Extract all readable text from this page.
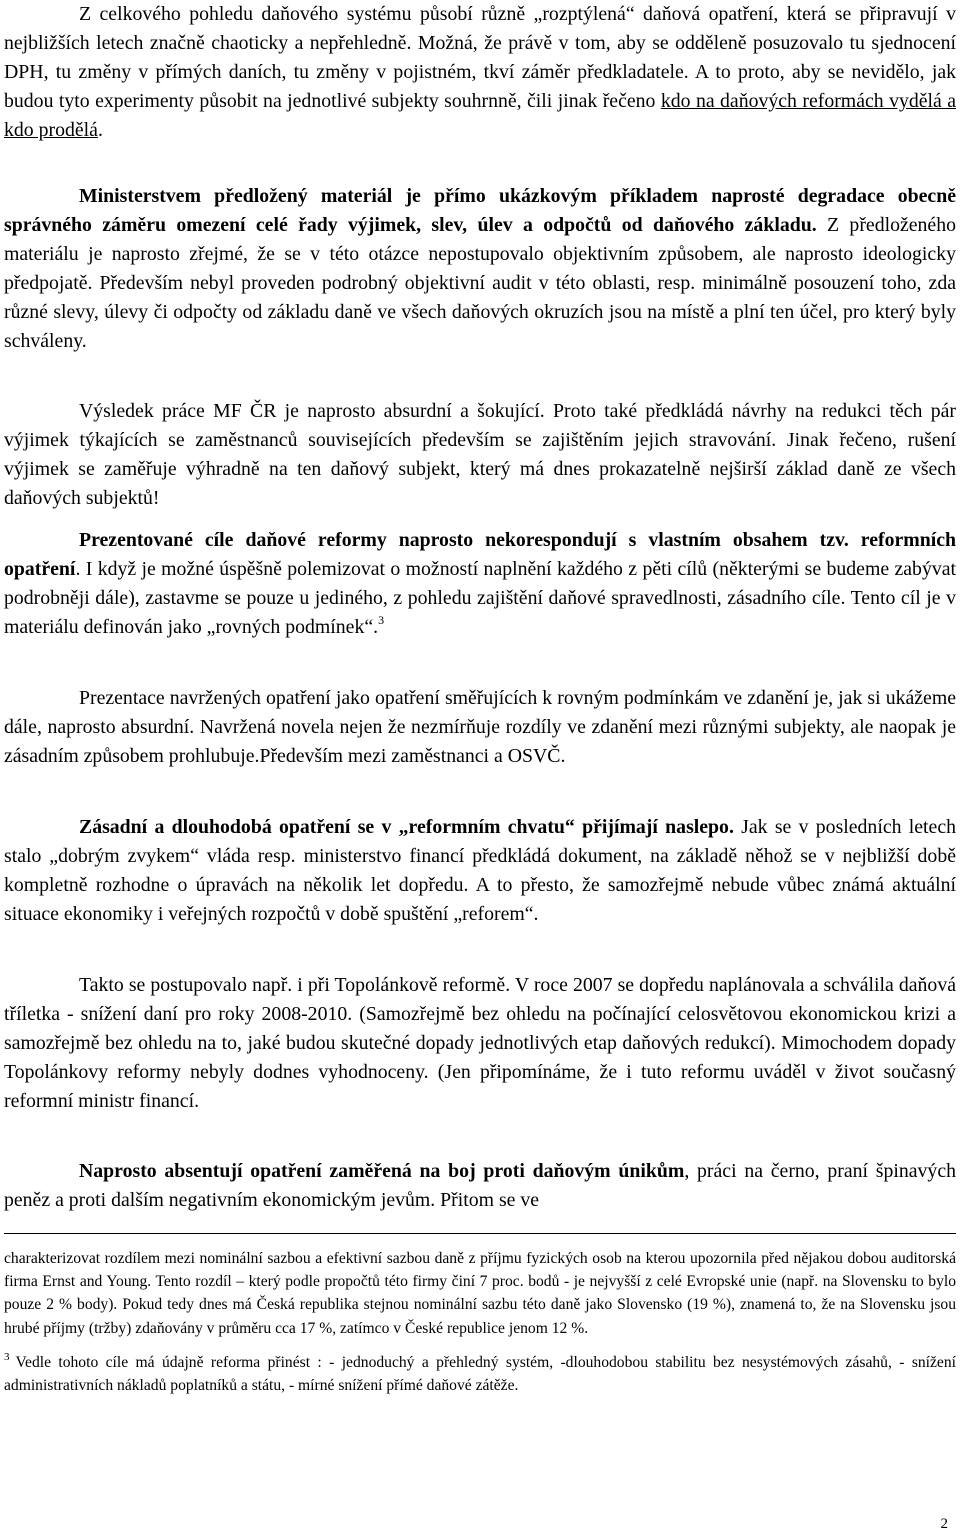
Z celkového pohledu daňového systému působí různě „rozptýlená“ daňová opatření, která se připravují v nejbližších letech značně chaoticky a nepřehledně. Možná, že právě v tom, aby se odděleně posuzovalo tu sjednocení DPH, tu změny v přímých daních, tu změny v pojistném, tkví záměr předkladatele. A to proto, aby se nevidělo, jak budou tyto experimenty působit na jednotlivé subjekty souhrnně, čili jinak řečeno kdo na daňových reformách vydělá a kdo prodělá.

Ministerstvem předložený materiál je přímo ukázkovým příkladem naprosté degradace obecně správného záměru omezení celé řady výjimek, slev, úlev a odpočtů od daňového základu. Z předloženého materiálu je naprosto zřejmé, že se v této otázce nepostupovalo objektivním způsobem, ale naprosto ideologicky předpojatě. Především nebyl proveden podrobný objektivní audit v této oblasti, resp. minimálně posouzení toho, zda různé slevy, úlevy či odpočty od základu daně ve všech daňových okruzích jsou na místě a plní ten účel, pro který byly schváleny.

Výsledek práce MF ČR je naprosto absurdní a šokující. Proto také předkládá návrhy na redukci těch pár výjimek týkajících se zaměstnanců souvisejících především se zajištěním jejich stravování. Jinak řečeno, rušení výjimek se zaměřuje výhradně na ten daňový subjekt, který má dnes prokazatelně nejširší základ daně ze všech daňových subjektů!

Prezentované cíle daňové reformy naprosto nekorespondují s vlastním obsahem tzv. reformních opatření. I když je možné úspěšně polemizovat o možností naplnění každého z pěti cílů (některými se budeme zabývat podrobněji dále), zastavme se pouze u jediného, z pohledu zajištění daňové spravedlnosti, zásadního cíle. Tento cíl je v materiálu definován jako „rovných podmínek“.$^3$

Prezentace navržených opatření jako opatření směřujících k rovným podmínkám ve zdanění je, jak si ukážeme dále, naprosto absurdní. Navržená novela nejen že nezmírňuje rozdíly ve zdanění mezi různými subjekty, ale naopak je zásadním způsobem prohlubuje.Především mezi zaměstnanci a OSVČ.

Zásadní a dlouhodobá opatření se v „reformním chvatu“ přijímají naslepo. Jak se v posledních letech stalo „dobrým zvykem“ vláda resp. ministerstvo financí předkládá dokument, na základě něhož se v nejbližší době kompletně rozhodne o úpravách na několik let dopředu. A to přesto, že samozřejmě nebude vůbec známá aktuální situace ekonomiky i veřejných rozpočtů v době spuštění „reforem“.

Takto se postupovalo např. i při Topolánkově reformě. V roce 2007 se dopředu naplánovala a schválila daňová tříletka - snížení daní pro roky 2008-2010. (Samozřejmě bez ohledu na počínající celosvětovou ekonomickou krizi a samozřejmě bez ohledu na to, jaké budou skutečné dopady jednotlivých etap daňových redukcí). Mimochodem dopady Topolánkovy reformy nebyly dodnes vyhodnoceny. (Jen připomínáme, že i tuto reformu uváděl v život současný reformní ministr financí.

Naprosto absentují opatření zaměřená na boj proti daňovým únikům, práci na černo, praní špinavých peněz a proti dalším negativním ekonomickým jevům. Přitom se ve

charakterizovat rozdílem mezi nominální sazbou a efektivní sazbou daně z příjmu fyzických osob na kterou upozornila před nějakou dobou auditorská firma Ernst and Young. Tento rozdíl – který podle propočtů této firmy činí 7 proc. bodů - je nejvyšší z celé Evropské unie (např. na Slovensku to bylo pouze 2 % body). Pokud tedy dnes má Česká republika stejnou nominální sazbu této daně jako Slovensko (19 %), znamená to, že na Slovensku jsou hrubé příjmy (tržby) zdaňovány v průměru cca 17 %, zatímco v České republice jenom 12 %.

$^3$ Vedle tohoto cíle má údajně reforma přinést : - jednoduchý a přehledný systém, -dlouhodobou stabilitu bez nesystémových zásahů, - snížení administrativních nákladů poplatníků a státu, - mírné snížení přímé daňové zátěže.

2
